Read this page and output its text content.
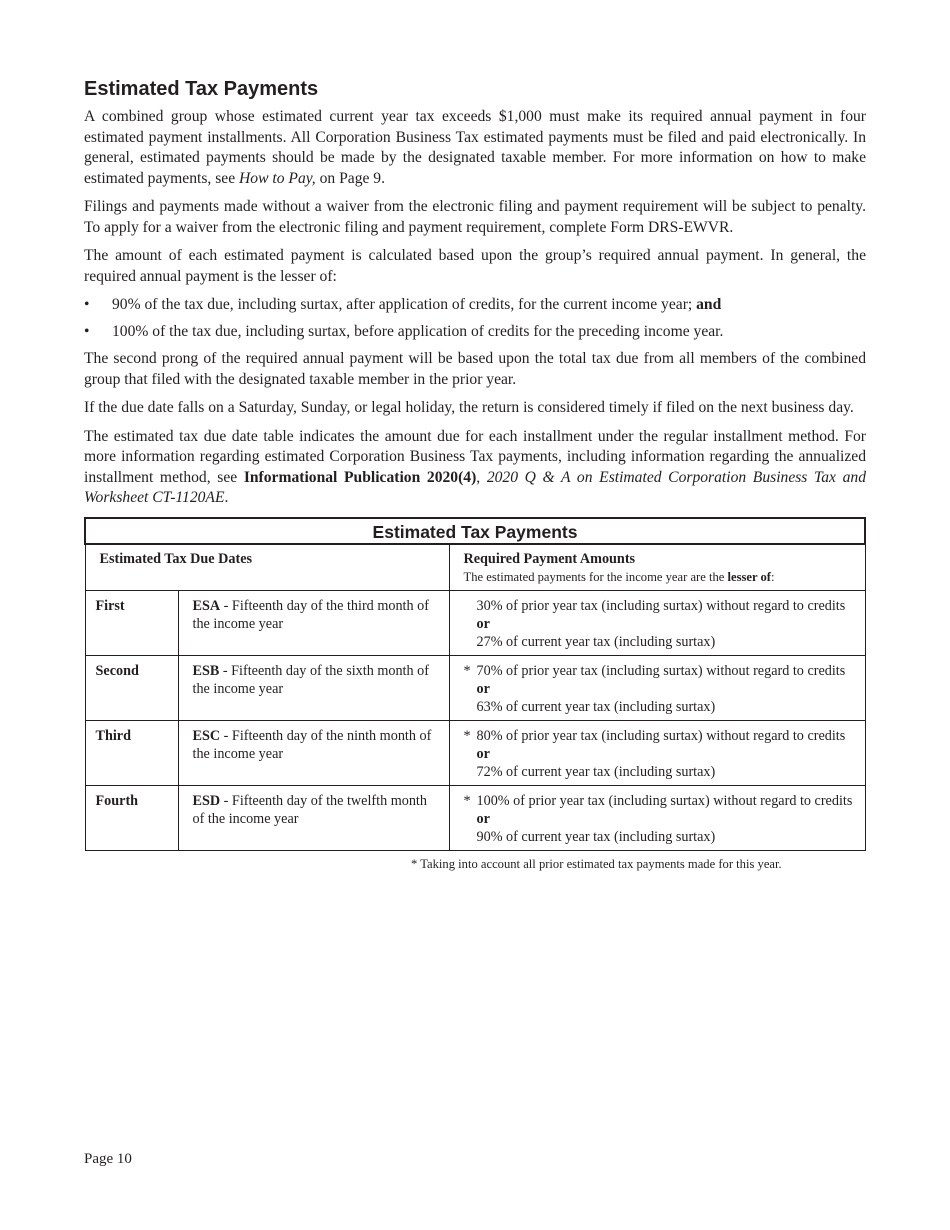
Estimated Tax Payments

A combined group whose estimated current year tax exceeds $1,000 must make its required annual payment in four estimated payment installments. All Corporation Business Tax estimated payments must be filed and paid electronically. In general, estimated payments should be made by the designated taxable member. For more information on how to make estimated payments, see How to Pay, on Page 9.

Filings and payments made without a waiver from the electronic filing and payment requirement will be subject to penalty. To apply for a waiver from the electronic filing and payment requirement, complete Form DRS-EWVR.

The amount of each estimated payment is calculated based upon the group’s required annual payment. In general, the required annual payment is the lesser of:

• 90% of the tax due, including surtax, after application of credits, for the current income year; and
• 100% of the tax due, including surtax, before application of credits for the preceding income year.

The second prong of the required annual payment will be based upon the total tax due from all members of the combined group that filed with the designated taxable member in the prior year.

If the due date falls on a Saturday, Sunday, or legal holiday, the return is considered timely if filed on the next business day.

The estimated tax due date table indicates the amount due for each installment under the regular installment method. For more information regarding estimated Corporation Business Tax payments, including information regarding the annualized installment method, see Informational Publication 2020(4), 2020 Q & A on Estimated Corporation Business Tax and Worksheet CT-1120AE.

Estimated Tax Payments		
Estimated Tax Due Dates		Required Payment Amounts
The estimated payments for the income year are the lesser of:

First	ESA - Fifteenth day of the third month of the income year	30% of prior year tax (including surtax) without regard to credits or
27% of current year tax (including surtax)

Second	ESB - Fifteenth day of the sixth month of the income year	* 70% of prior year tax (including surtax) without regard to credits or
63% of current year tax (including surtax)

Third	ESC - Fifteenth day of the ninth month of the income year	* 80% of prior year tax (including surtax) without regard to credits or
72% of current year tax (including surtax)

Fourth	ESD - Fifteenth day of the twelfth month of the income year	* 100% of prior year tax (including surtax) without regard to credits or
90% of current year tax (including surtax)
* Taking into account all prior estimated tax payments made for this year.
Page 10
